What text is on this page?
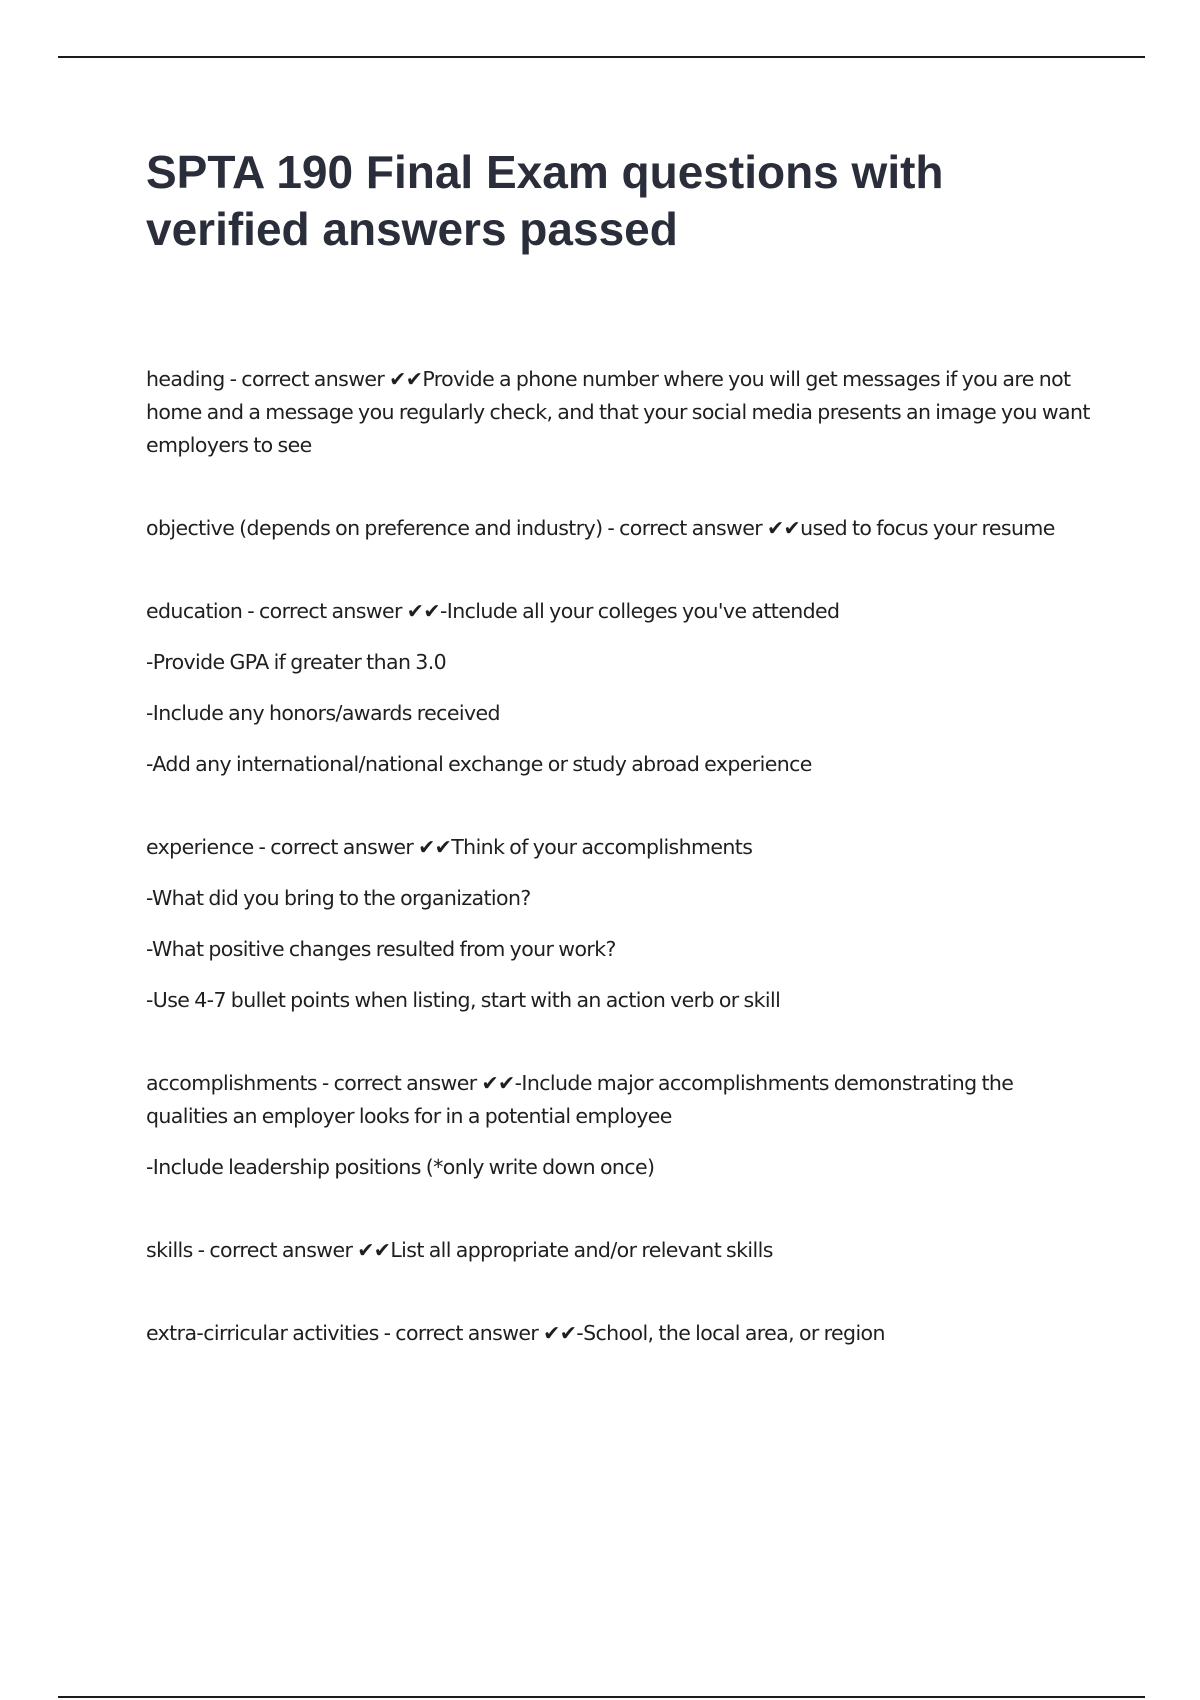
SPTA 190 Final Exam questions with verified answers passed

heading - correct answer ✔✔Provide a phone number where you will get messages if you are not home and a message you regularly check, and that your social media presents an image you want employers to see

objective (depends on preference and industry) - correct answer ✔✔used to focus your resume

education - correct answer ✔✔-Include all your colleges you've attended

-Provide GPA if greater than 3.0

-Include any honors/awards received

-Add any international/national exchange or study abroad experience

experience - correct answer ✔✔Think of your accomplishments

-What did you bring to the organization?

-What positive changes resulted from your work?

-Use 4-7 bullet points when listing, start with an action verb or skill

accomplishments - correct answer ✔✔-Include major accomplishments demonstrating the qualities an employer looks for in a potential employee

-Include leadership positions (*only write down once)

skills - correct answer ✔✔List all appropriate and/or relevant skills

extra-cirricular activities - correct answer ✔✔-School, the local area, or region
